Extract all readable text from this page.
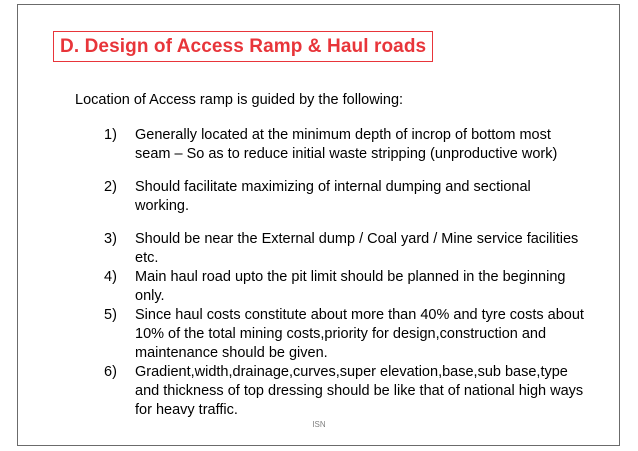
D. Design of Access Ramp & Haul roads
Location of Access ramp is guided by the following:
1)	Generally located at the minimum depth of incrop of bottom most seam – So as to reduce initial waste stripping (unproductive work)
2)	Should facilitate maximizing of internal dumping and sectional working.
3)	Should be near the External dump / Coal yard / Mine service facilities etc.
4)	Main haul road upto the pit limit should be planned in the beginning only.
5)	Since haul costs constitute about more than 40% and tyre costs about 10% of the total mining costs,priority for design,construction and maintenance should be given.
6)	Gradient,width,drainage,curves,super elevation,base,sub base,type and thickness of top dressing should be like that of national high ways for heavy traffic.
ISN
